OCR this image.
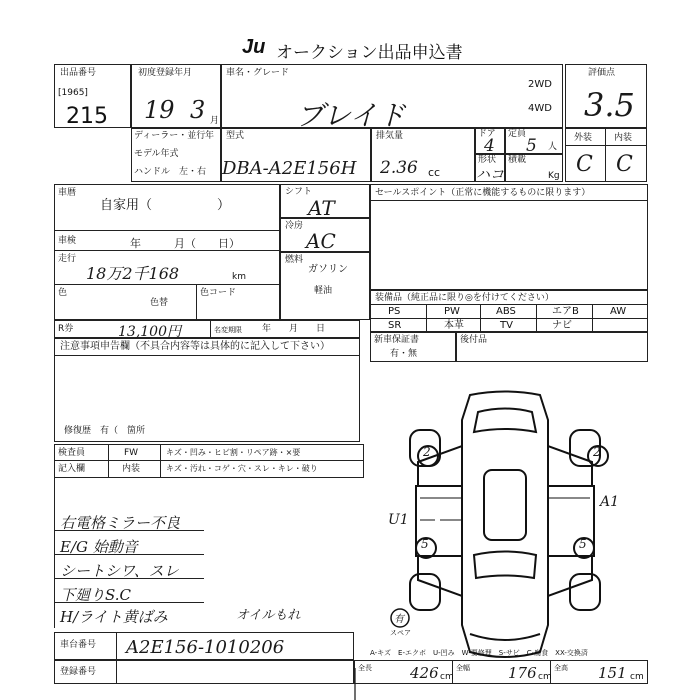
Ju オークション出品申込書
出品番号
[1965]
215
初度登録年月
19 3 月
車名・グレード
ブレイド
2WD
4WD
評価点
3.5
ディーラー・並行 年
モデル年式
ハンドル　左・右
型式
DBA-A2E156H
排気量
2.36 cc
ドア
4
定員
5 人
形状
ハコ
積載
Kg
外装 内装
C C
車暦
自家用（　　　　　）
車検	年　　　月（　　日）
走行
18万2千168	km
色
色替
色コード
R券	13,100円	名変期限 年　　月　　日
シフト
AT
冷房
AC
燃料
ガソリン
軽油
セールスポイント（正常に機能するものに限ります）
装備品（純正品に限り◎を付けてください）
PS	PW	ABS	エアB	AW
SR	本革	TV	ナビ
新車保証書
有・無
後付品
注意事項申告欄（不具合内容等は具体的に記入して下さい）
修復歴　有（　箇所
検査員
記入欄
FW	キズ・凹み・ヒビ割・リペア跡・×要
内装	キズ・汚れ・コゲ・穴・スレ・キレ・破り
右電格ミラー不良
E/G 始動音
シートシワ、スレ
下廻りS.C
H/ライト黄ばみ	オイルもれ
2	2
A1
U1
5	5
有
スペア
車台番号 A2E156-1010206
登録番号
A-キズ　E-エクボ　U-凹み　W-要修理　S-サビ　C-腐食　XX-交換済
全長	全幅	全高
426	176	151
cm	cm	cm
